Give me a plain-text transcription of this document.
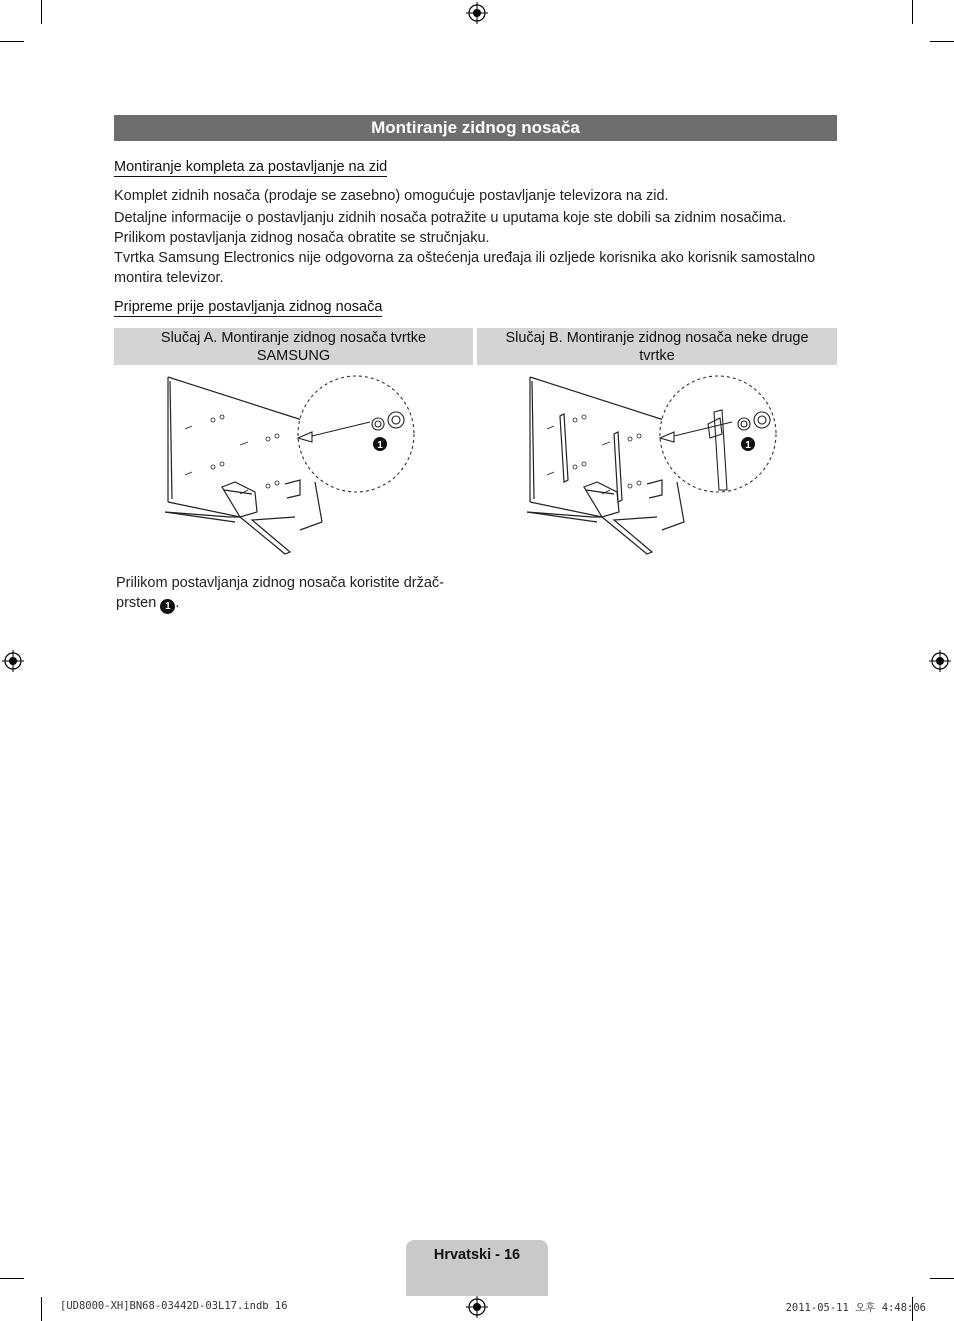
Montiranje zidnog nosača
Montiranje kompleta za postavljanje na zid

Komplet zidnih nosača (prodaje se zasebno) omogućuje postavljanje televizora na zid.

Detaljne informacije o postavljanju zidnih nosača potražite u uputama koje ste dobili sa zidnim nosačima. Prilikom postavljanja zidnog nosača obratite se stručnjaku.

Tvrtka Samsung Electronics nije odgovorna za oštećenja uređaja ili ozljede korisnika ako korisnik samostalno montira televizor.

Pripreme prije postavljanja zidnog nosača
Slučaj A. Montiranje zidnog nosača tvrtke SAMSUNG
Slučaj B. Montiranje zidnog nosača neke druge tvrtke
1	1
Prilikom postavljanja zidnog nosača koristite držač-prsten 1 .
Hrvatski - 16
[UD8000-XH]BN68-03442D-03L17.indb 16	2011-05-11 오후 4:48:06
